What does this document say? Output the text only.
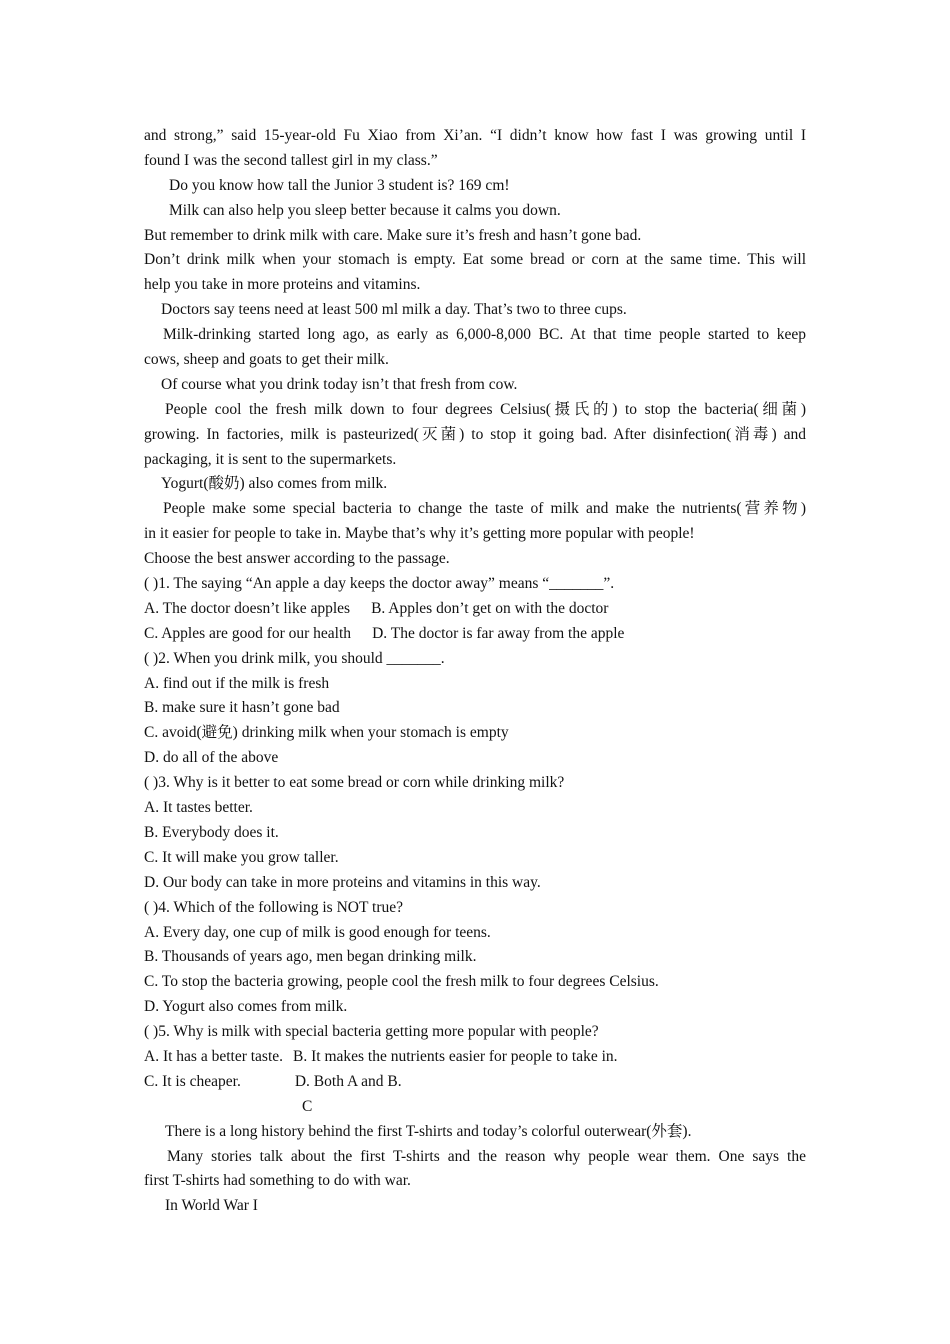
and strong,” said 15-year-old Fu Xiao from Xi’an. “I didn’t know how fast I was growing until I
found I was the second tallest girl in my class.”
Do you know how tall the Junior 3 student is? 169 cm!
Milk can also help you sleep better because it calms you down.
But remember to drink milk with care. Make sure it’s fresh and hasn’t gone bad.
Don’t drink milk when your stomach is empty. Eat some bread or corn at the same time. This will
help you take in more proteins and vitamins.
Doctors say teens need at least 500 ml milk a day. That’s two to three cups.
Milk-drinking started long ago, as early as 6,000-8,000 BC. At that time people started to keep
cows, sheep and goats to get their milk.
Of course what you drink today isn’t that fresh from cow.
People cool the fresh milk down to four degrees Celsius(摄氏的) to stop the bacteria(细菌)
growing. In factories, milk is pasteurized(灭菌) to stop it going bad. After disinfection(消毒) and
packaging, it is sent to the supermarkets.
Yogurt(酸奶) also comes from milk.
People make some special bacteria to change the taste of milk and make the nutrients(营养物)
in it easier for people to take in. Maybe that’s why it’s getting more popular with people!
Choose the best answer according to the passage.
( )1. The saying “An apple a day keeps the doctor away” means “_______”.
A. The doctor doesn’t like apples B. Apples don’t get on with the doctor
C. Apples are good for our health D. The doctor is far away from the apple
( )2. When you drink milk, you should _______.
A. find out if the milk is fresh
B. make sure it hasn’t gone bad
C. avoid(避免) drinking milk when your stomach is empty
D. do all of the above
( )3. Why is it better to eat some bread or corn while drinking milk?
A. It tastes better.
B. Everybody does it.
C. It will make you grow taller.
D. Our body can take in more proteins and vitamins in this way.
( )4. Which of the following is NOT true?
A. Every day, one cup of milk is good enough for teens.
B. Thousands of years ago, men began drinking milk.
C. To stop the bacteria growing, people cool the fresh milk to four degrees Celsius.
D. Yogurt also comes from milk.
( )5. Why is milk with special bacteria getting more popular with people?
A. It has a better taste. B. It makes the nutrients easier for people to take in.
C. It is cheaper.	D. Both A and B.
C
There is a long history behind the first T-shirts and today’s colorful outerwear(外套).
Many stories talk about the first T-shirts and the reason why people wear them. One says the
first T-shirts had something to do with war.
In World War I
